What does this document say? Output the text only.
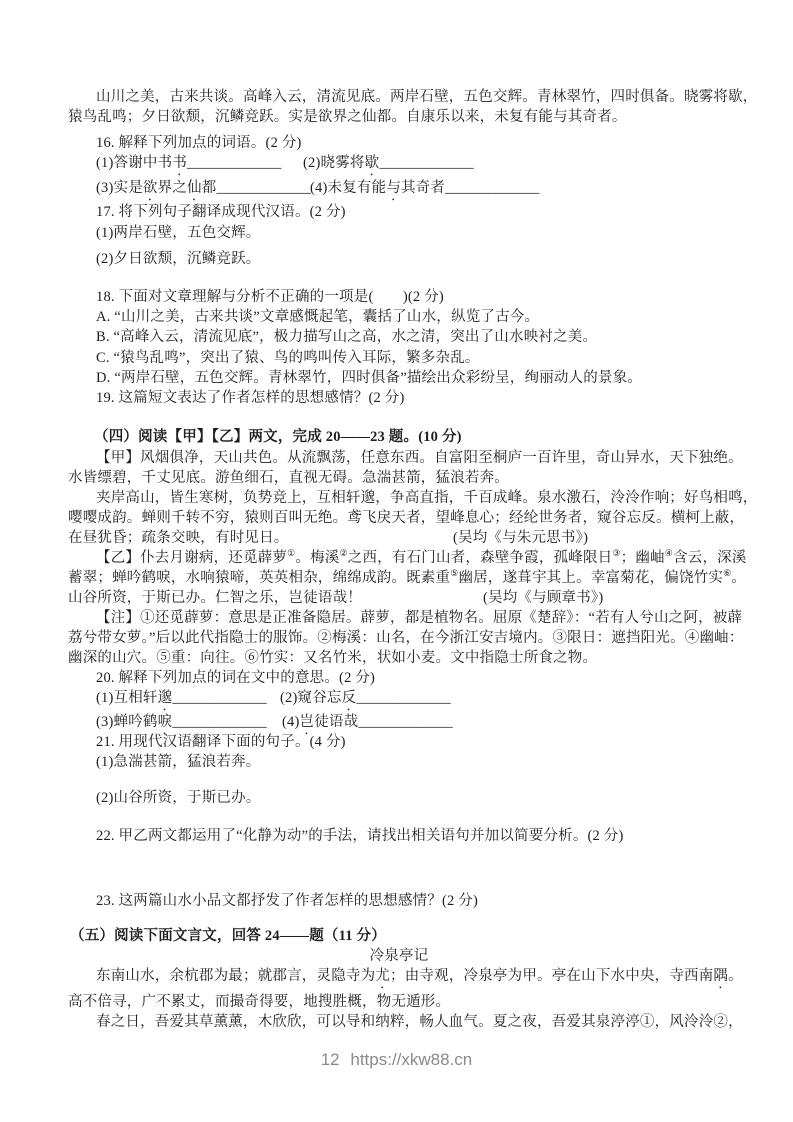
山川之美，古来共谈。高峰入云，清流见底。两岸石壁，五色交辉。青林翠竹，四时俱备。晓雾将歇，
猿鸟乱鸣；夕日欲颓，沉鳞竞跃。实是欲界之仙都。自康乐以来，未复有能与其奇者。
16. 解释下列加点的词语。(2 分)
(1)答谢中书书_____________ (2)晓雾将歇_____________
(3)实是欲界之仙都_____________ (4)未复有能与其奇者_____________
17. 将下列句子翻译成现代汉语。(2 分)
(1)两岸石壁，五色交辉。
(2)夕日欲颓，沉鳞竞跃。
18. 下面对文章理解与分析不正确的一项是(　　)(2 分)
A. “山川之美，古来共谈”文章感慨起笔，囊括了山水，纵览了古今。
B. “高峰入云，清流见底”，极力描写山之高，水之清，突出了山水映衬之美。
C. “猿鸟乱鸣”，突出了猿、鸟的鸣叫传入耳际，繁多杂乱。
D. “两岸石壁，五色交辉。青林翠竹，四时俱备”描绘出众彩纷呈，绚丽动人的景象。
19. 这篇短文表达了作者怎样的思想感情？(2 分)
（四）阅读【甲】【乙】两文，完成 20——23 题。(10 分)
【甲】风烟俱净，天山共色。从流飘荡，任意东西。自富阳至桐庐一百许里，奇山异水，天下独绝。
水皆缥碧，千丈见底。游鱼细石，直视无碍。急湍甚箭，猛浪若奔。
夹岸高山，皆生寒树，负势竞上，互相轩邈，争高直指，千百成峰。泉水激石，泠泠作响；好鸟相鸣，
嘤嘤成韵。蝉则千转不穷，猿则百叫无绝。鸢飞戾天者，望峰息心；经纶世务者，窥谷忘反。横柯上蔽，
在昼犹昏；疏条交映，有时见日。	(吴均《与朱元思书》)
【乙】仆去月谢病，还觅薜萝①。梅溪②之西，有石门山者，森壁争霞，孤峰限日③；幽岫④含云，深溪
蓄翠；蝉吟鹤唳，水响猿啼，英英相杂，绵绵成韵。既素重⑤幽居，遂葺宇其上。幸富菊花，偏饶竹实⑥。
山谷所资，于斯已办。仁智之乐，岂徒语哉！	(吴均《与顾章书》)
【注】①还觅薜萝：意思是正准备隐居。薜萝，都是植物名。屈原《楚辞》：“若有人兮山之阿，被薜
荔兮带女萝。”后以此代指隐士的服饰。②梅溪：山名，在今浙江安吉境内。③限日：遮挡阳光。④幽岫：
幽深的山穴。⑤重：向往。⑥竹实：又名竹米，状如小麦。文中指隐士所食之物。
20. 解释下列加点的词在文中的意思。(2 分)
(1)互相轩邈_____________ (2)窥谷忘反_____________
(3)蝉吟鹤唳_____________ (4)岂徒语哉_____________
21. 用现代汉语翻译下面的句子。(4 分)
(1)急湍甚箭，猛浪若奔。
(2)山谷所资，于斯已办。
22. 甲乙两文都运用了“化静为动”的手法，请找出相关语句并加以简要分析。(2 分)
23. 这两篇山水小品文都抒发了作者怎样的思想感情？(2 分)
（五）阅读下面文言文，回答 24——题（11 分）
冷泉亭记
东南山水，余杭郡为最；就郡言，灵隐寺为尤；由寺观，冷泉亭为甲。亭在山下水中央，寺西南隅。
高不倍寻，广不累丈，而撮奇得要，地搜胜概，物无遁形。
春之日，吾爱其草薰薰，木欣欣，可以导和纳粹，畅人血气。夏之夜，吾爱其泉渟渟①，风泠泠②，
12 https://xkw88.cn
